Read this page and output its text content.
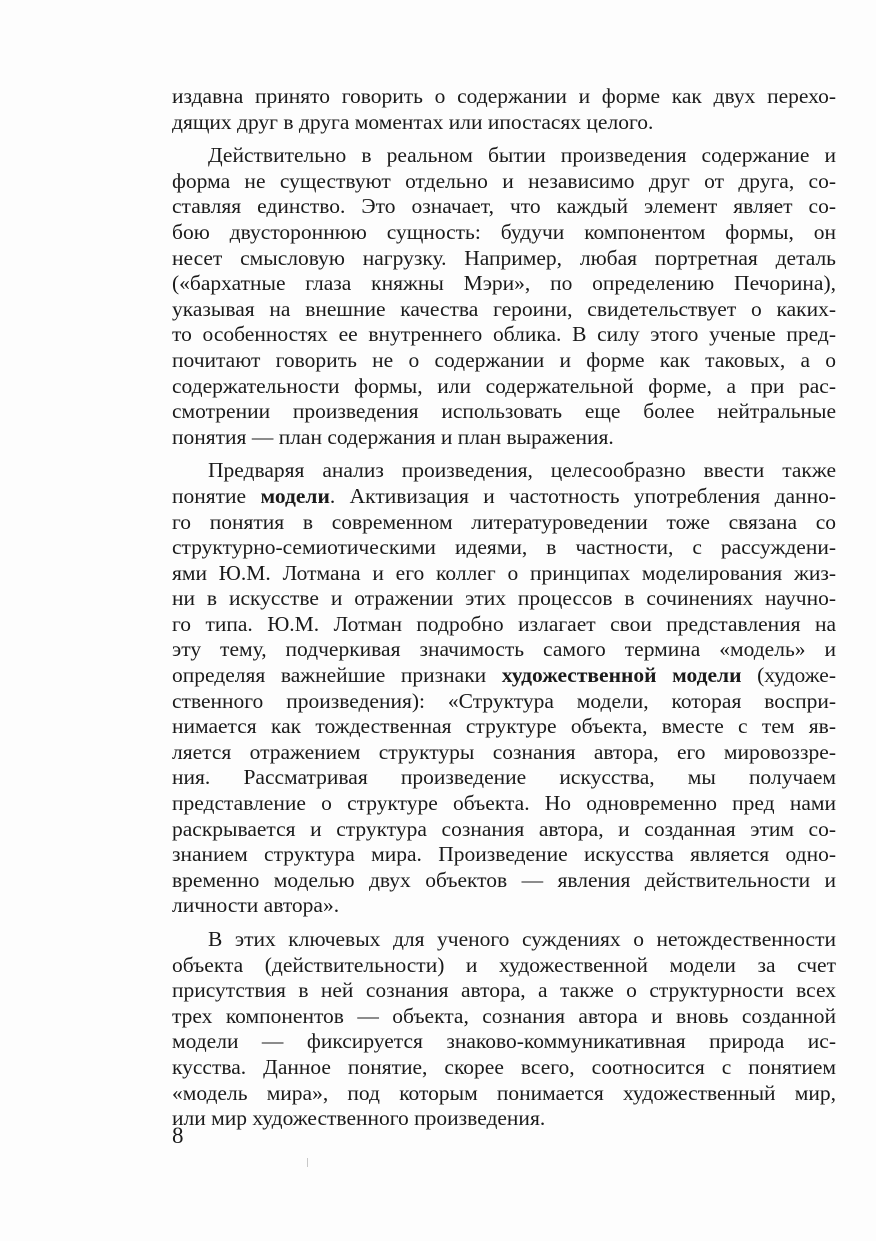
издавна принято говорить о содержании и форме как двух перехо-
дящих друг в друга моментах или ипостасях целого.
Действительно в реальном бытии произведения содержание и
форма не существуют отдельно и независимо друг от друга, со-
ставляя единство. Это означает, что каждый элемент являет со-
бою двустороннюю сущность: будучи компонентом формы, он
несет смысловую нагрузку. Например, любая портретная деталь
(«бархатные глаза княжны Мэри», по определению Печорина),
указывая на внешние качества героини, свидетельствует о каких-
то особенностях ее внутреннего облика. В силу этого ученые пред-
почитают говорить не о содержании и форме как таковых, а о
содержательности формы, или содержательной форме, а при рас-
смотрении произведения использовать еще более нейтральные
понятия — план содержания и план выражения.
Предваряя анализ произведения, целесообразно ввести также
понятие модели. Активизация и частотность употребления данно-
го понятия в современном литературоведении тоже связана со
структурно-семиотическими идеями, в частности, с рассуждени-
ями Ю.М. Лотмана и его коллег о принципах моделирования жиз-
ни в искусстве и отражении этих процессов в сочинениях научно-
го типа. Ю.М. Лотман подробно излагает свои представления на
эту тему, подчеркивая значимость самого термина «модель» и
определяя важнейшие признаки художественной модели (художе-
ственного произведения): «Структура модели, которая воспри-
нимается как тождественная структуре объекта, вместе с тем яв-
ляется отражением структуры сознания автора, его мировоззре-
ния. Рассматривая произведение искусства, мы получаем
представление о структуре объекта. Но одновременно пред нами
раскрывается и структура сознания автора, и созданная этим со-
знанием структура мира. Произведение искусства является одно-
временно моделью двух объектов — явления действительности и
личности автора».
В этих ключевых для ученого суждениях о нетождественности
объекта (действительности) и художественной модели за счет
присутствия в ней сознания автора, а также о структурности всех
трех компонентов — объекта, сознания автора и вновь созданной
модели — фиксируется знаково-коммуникативная природа ис-
кусства. Данное понятие, скорее всего, соотносится с понятием
«модель мира», под которым понимается художественный мир,
или мир художественного произведения.
8
